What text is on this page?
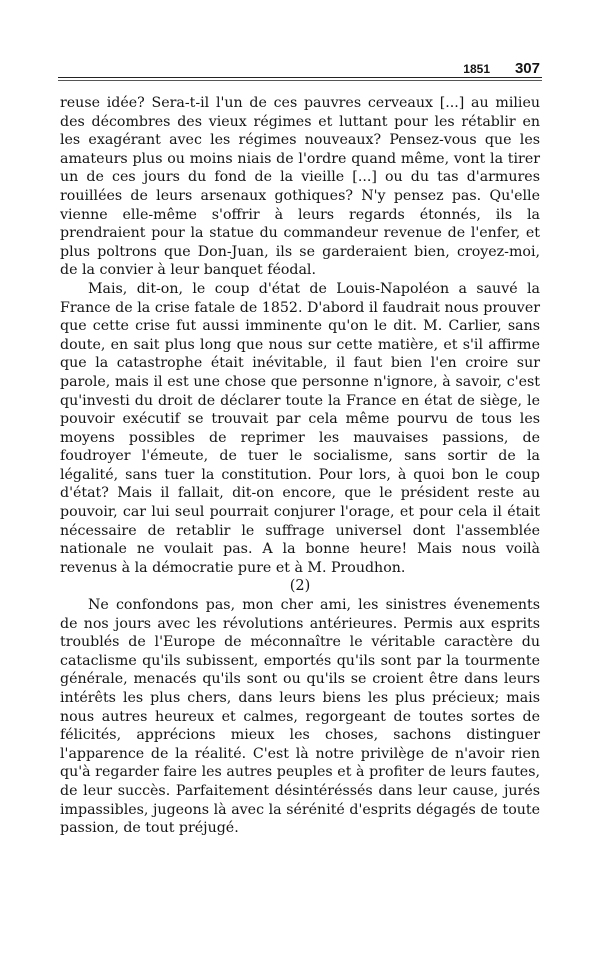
1851 307

reuse idée? Sera-t-il l'un de ces pauvres cerveaux [...] au milieu des décombres des vieux régimes et luttant pour les rétablir en les exagérant avec les régimes nouveaux? Pensez-vous que les amateurs plus ou moins niais de l'ordre quand même, vont la tirer un de ces jours du fond de la vieille [...] ou du tas d'armures rouillées de leurs arsenaux gothiques? N'y pensez pas. Qu'elle vienne elle-même s'offrir à leurs regards étonnés, ils la prendraient pour la statue du commandeur revenue de l'enfer, et plus poltrons que Don-Juan, ils se garderaient bien, croyez-moi, de la convier à leur banquet féodal.

Mais, dit-on, le coup d'état de Louis-Napoléon a sauvé la France de la crise fatale de 1852. D'abord il faudrait nous prouver que cette crise fut aussi imminente qu'on le dit. M. Carlier, sans doute, en sait plus long que nous sur cette matière, et s'il affirme que la catastrophe était inévitable, il faut bien l'en croire sur parole, mais il est une chose que personne n'ignore, à savoir, c'est qu'investi du droit de déclarer toute la France en état de siège, le pouvoir exécutif se trouvait par cela même pourvu de tous les moyens possibles de reprimer les mauvaises passions, de foudroyer l'émeute, de tuer le socialisme, sans sortir de la légalité, sans tuer la constitution. Pour lors, à quoi bon le coup d'état? Mais il fallait, dit-on encore, que le président reste au pouvoir, car lui seul pourrait conjurer l'orage, et pour cela il était nécessaire de retablir le suffrage universel dont l'assemblée nationale ne voulait pas. A la bonne heure! Mais nous voilà revenus à la démocratie pure et à M. Proudhon.

(2)

Ne confondons pas, mon cher ami, les sinistres évenements de nos jours avec les révolutions antérieures. Permis aux esprits troublés de l'Europe de méconnaître le véritable caractère du cataclisme qu'ils subissent, emportés qu'ils sont par la tourmente générale, menacés qu'ils sont ou qu'ils se croient être dans leurs intérêts les plus chers, dans leurs biens les plus précieux; mais nous autres heureux et calmes, regorgeant de toutes sortes de félicités, apprécions mieux les choses, sachons distinguer l'apparence de la réalité. C'est là notre privilège de n'avoir rien qu'à regarder faire les autres peuples et à profiter de leurs fautes, de leur succès. Parfaitement désintéréssés dans leur cause, jurés impassibles, jugeons là avec la sérénité d'esprits dégagés de toute passion, de tout préjugé.
